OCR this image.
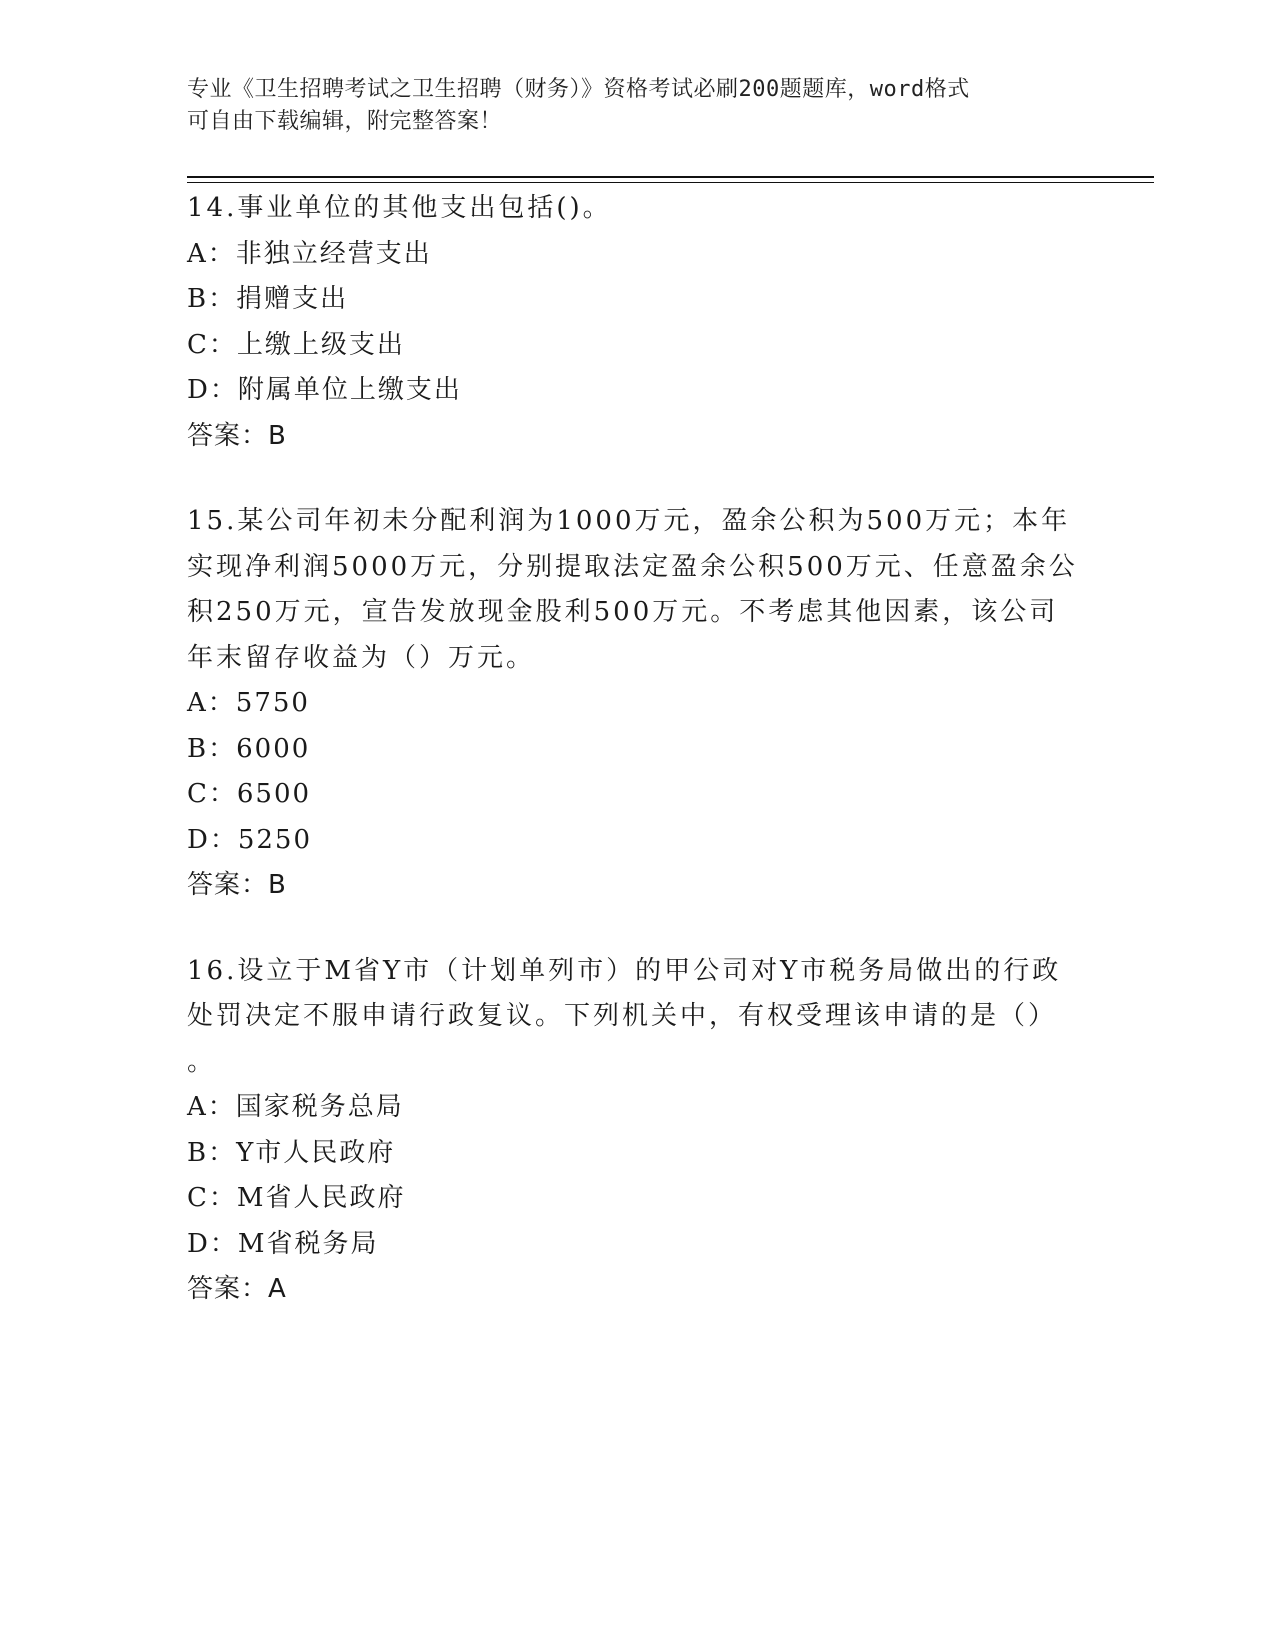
专业《卫生招聘考试之卫生招聘（财务）》资格考试必刷200题题库，word格式
可自由下载编辑，附完整答案！
14.事业单位的其他支出包括()。
A：非独立经营支出
B：捐赠支出
C：上缴上级支出
D：附属单位上缴支出
答案：B
15.某公司年初未分配利润为1000万元，盈余公积为500万元；本年
实现净利润5000万元，分别提取法定盈余公积500万元、任意盈余公
积250万元，宣告发放现金股利500万元。不考虑其他因素，该公司
年末留存收益为（）万元。
A：5750
B：6000
C：6500
D：5250
答案：B
16.设立于M省Y市（计划单列市）的甲公司对Y市税务局做出的行政
处罚决定不服申请行政复议。下列机关中，有权受理该申请的是（）
。
A：国家税务总局
B：Y市人民政府
C：M省人民政府
D：M省税务局
答案：A
